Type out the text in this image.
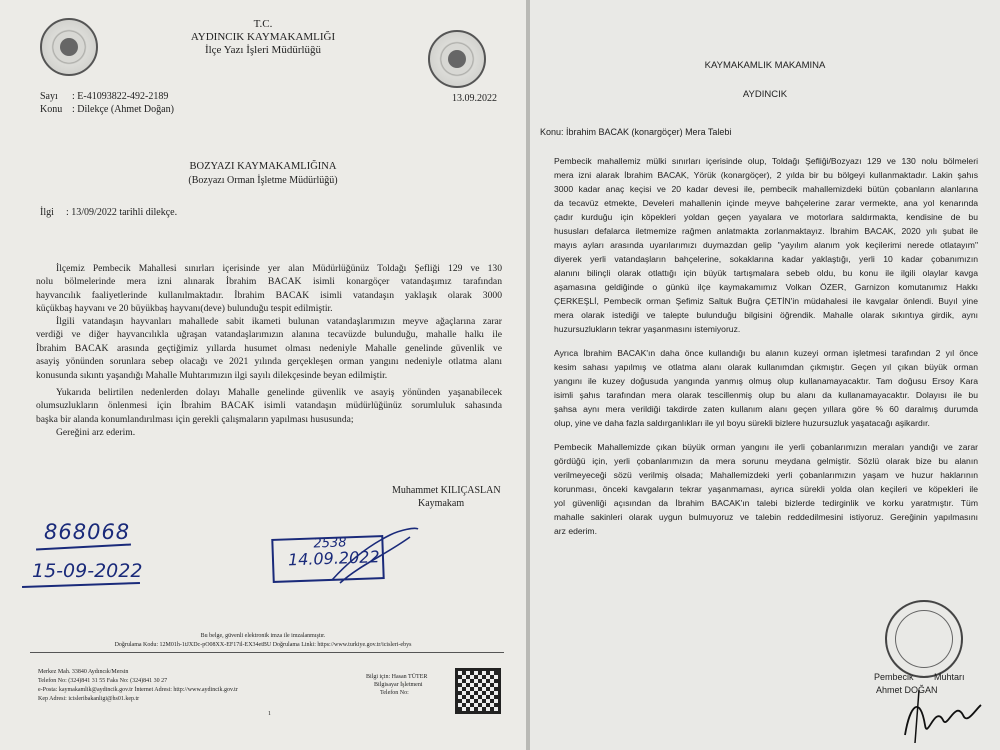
T.C.
AYDINCIK KAYMAKAMLIĞI
İlçe Yazı İşleri Müdürlüğü
Sayı : E-41093822-492-2189	13.09.2022
Konu : Dilekçe (Ahmet Doğan)
BOZYAZI KAYMAKAMLIĞINA
(Bozyazı Orman İşletme Müdürlüğü)
İlgi : 13/09/2022 tarihli dilekçe.
İlçemiz Pembecik Mahallesi sınırları içerisinde yer alan Müdürlüğünüz Toldağı Şefliği 129 ve 130
nolu bölmelerinde mera izni alınarak İbrahim BACAK isimli konargöçer vatandaşımız tarafından
hayvancılık faaliyetlerinde kullanılmaktadır. İbrahim BACAK isimli vatandaşın yaklaşık olarak 3000
küçükbaş hayvanı ve 20 büyükbaş hayvanı(deve) bulunduğu tespit edilmiştir.
İlgili vatandaşın hayvanları mahallede sabit ikameti bulunan vatandaşlarımızın meyve ağaçlarına zarar
verdiği ve diğer hayvancılıkla uğraşan vatandaşlarımızın alanına tecavüzde bulunduğu, mahalle halkı ile
İbrahim BACAK arasında geçtiğimiz yıllarda husumet olması nedeniyle Mahalle genelinde güvenlik ve
asayiş yönünden sorunlara sebep olacağı ve 2021 yılında gerçekleşen orman yangını nedeniyle otlatma alanı
konusunda sıkıntı yaşandığı Mahalle Muhtarımızın ilgi sayılı dilekçesinde beyan edilmiştir.
Yukarıda belirtilen nedenlerden dolayı Mahalle genelinde güvenlik ve asayiş yönünden yaşanabilecek
olumsuzlukların önlenmesi için İbrahim BACAK isimli vatandaşın müdürlüğünüz sorumluluk sahasında
başka bir alanda konumlandırılması için gerekli çalışmaların yapılması hususunda;
Gereğini arz ederim.
Muhammet KILIÇASLAN
Kaymakam
868068
15-09-2022
2538
14.09.2022
Bu belge, güvenli elektronik imza ile imzalanmıştır.
Doğrulama Kodu: 12M01h-1tJXDc-pO08XX-EF17il-EX34etBU Doğrulama Linki: https://www.turkiye.gov.tr/icisleri-ebys
Merkez Mah. 33840 Aydıncık/Mersin
Telefon No: (324)841 31 55 Faks No: (324)841 30 27
e-Posta: kaymakamlik@aydincik.gov.tr İnternet Adresi: http://www.aydincik.gov.tr
Kep Adresi: icisleribakanligi@hs01.kep.tr
Bilgi için: Hasan TÜTER
Bilgisayar İşletmeni
Telefon No:
1
KAYMAKAMLIK MAKAMINA
AYDINCIK
Konu: İbrahim BACAK (konargöçer) Mera Talebi
Pembecik mahallemiz mülki sınırları içerisinde olup, Toldağı Şefliği/Bozyazı 129 ve 130 nolu bölmeleri
mera izni alarak İbrahim BACAK, Yörük (konargöçer), 2 yılda bir bu bölgeyi kullanmaktadır. Lakin şahıs
3000 kadar anaç keçisi ve 20 kadar devesi ile, pembecik mahallemizdeki bütün çobanların alanlarına
da tecavüz etmekte, Develeri mahallenin içinde meyve bahçelerine zarar vermekte, ana yol kenarında
çadır kurduğu için köpekleri yoldan geçen yayalara ve motorlara saldırmakta, kendisine de bu
hususları defalarca iletmemize rağmen anlatmakta zorlanmaktayız. İbrahim BACAK, 2020 yılı şubat ile
mayıs ayları arasında uyarılarımızı duymazdan gelip "yayılım alanım yok keçilerimi nerede otlatayım"
diyerek yerli vatandaşların bahçelerine, sokaklarına kadar yaklaştığı, yerli 10 kadar çobanımızın
alanını bilinçli olarak otlattığı için büyük tartışmalara sebeb oldu, bu konu ile ilgili olaylar kavga
aşamasına geldiğinde o günkü ilçe kaymakamımız Volkan ÖZER, Garnizon komutanımız Hakkı
ÇERKEŞLİ, Pembecik orman Şefimiz Saltuk Buğra ÇETİN'in müdahalesi ile kavgalar önlendi. Buyıl yine
mera olarak istediği ve talepte bulunduğu bilgisini öğrendik. Mahalle olarak sıkıntıya girdik, aynı
huzursuzlukların tekrar yaşanmasını istemiyoruz.
Ayrıca İbrahim BACAK'ın daha önce kullandığı bu alanın kuzeyi orman işletmesi tarafından 2 yıl önce
kesim sahası yapılmış ve otlatma alanı olarak kullanımdan çıkmıştır. Geçen yıl çıkan büyük orman
yangını ile kuzey doğusuda yangında yanmış olmuş olup kullanamayacaktır. Tam doğusu Ersoy Kara
isimli şahıs tarafından mera olarak tescillenmiş olup bu alanı da kullanamayacaktır. Dolayısı ile bu
şahsa aynı mera verildiği takdirde zaten kullanım alanı geçen yıllara göre % 60 daralmış durumda
olup, yine ve daha fazla saldırganlıkları ile yıl boyu sürekli bizlere huzursuzluk yaşatacağı aşikardır.
Pembecik Mahallemizde çıkan büyük orman yangını ile yerli çobanlarımızın meraları yandığı ve zarar
gördüğü için, yerli çobanlarımızın da mera sorunu meydana gelmiştir. Sözlü olarak bize bu alanın
verilmeyeceği sözü verilmiş olsada; Mahallemizdeki yerli çobanlarımızın yaşam ve huzur haklarının
korunması, önceki kavgaların tekrar yaşanmaması, ayrıca sürekli yolda olan keçileri ve köpekleri ile
yol güvenliği açısından da İbrahim BACAK'ın talebi bizlerde tedirginlik ve korku yaratmıştır. Tüm
mahalle sakinleri olarak uygun bulmuyoruz ve talebin reddedilmesini istiyoruz. Gereğinin yapılmasını
arz ederim.
Pembecik Muhtarı
Ahmet DOĞAN
